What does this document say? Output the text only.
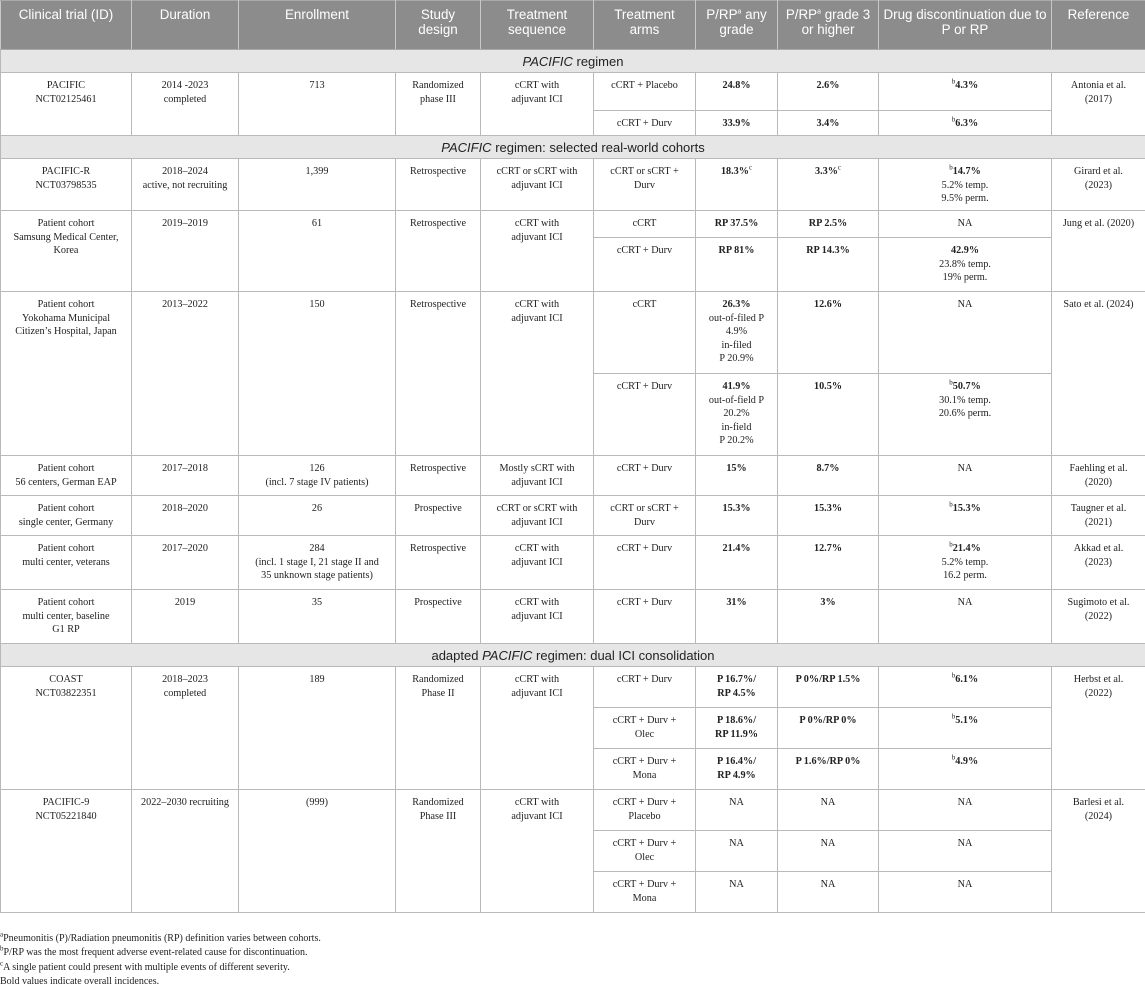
Clinical trial (ID)	Duration	Enrollment	Study design	Treatment sequence	Treatment arms	$P/RP^a$ any grade	$P/RP^a$ grade 3 or higher	Drug discontinuation due to P or RP	Reference
PACIFIC regimen									

PACIFIC
NCT02125461	2014 -2023
completed	713	Randomized
phase III	cCRT with
adjuvant ICI	cCRT + Placebo	24.8%	2.6%	$^b$4.3%	Antonia et al.
(2017)

					cCRT + Durv	33.9%	3.4%	$^b$6.3%	
PACIFIC regimen: selected real-world cohorts									

PACIFIC-R
NCT03798535	2018–2024
active, not recruiting	1,399	Retrospective	cCRT or sCRT with
adjuvant ICI	cCRT or sCRT +
Durv	18.3%$^c$	3.3%$^c$	$^b$14.7%
5.2% temp.
9.5% perm.	Girard et al.
(2023)

Patient cohort
Samsung Medical Center,
Korea	2019–2019	61	Retrospective	cCRT with
adjuvant ICI	cCRT	RP 37.5%	RP 2.5%	NA	Jung et al. (2020)
					cCRT + Durv	RP 81%	RP 14.3%	42.9%
23.8% temp.
19% perm.	

Patient cohort
Yokohama Municipal
Citizen’s Hospital, Japan	2013–2022	150	Retrospective	cCRT with
adjuvant ICI	cCRT	26.3%
out-of-filed P
4.9%
in-filed
P 20.9%	12.6%	NA	Sato et al. (2024)
					cCRT + Durv	41.9%
out-of-field P
20.2%
in-field
P 20.2%	10.5%	$^b$50.7%
30.1% temp.
20.6% perm.	

Patient cohort
56 centers, German EAP	2017–2018	126
(incl. 7 stage IV patients)	Retrospective	Mostly sCRT with
adjuvant ICI	cCRT + Durv	15%	8.7%	NA	Faehling et al.
(2020)

Patient cohort
single center, Germany	2018–2020	26	Prospective	cCRT or sCRT with
adjuvant ICI	cCRT or sCRT +
Durv	15.3%	15.3%	$^b$15.3%	Taugner et al.
(2021)

Patient cohort
multi center, veterans	2017–2020	284
(incl. 1 stage I, 21 stage II and
35 unknown stage patients)	Retrospective	cCRT with
adjuvant ICI	cCRT + Durv	21.4%	12.7%	$^b$21.4%
5.2% temp.
16.2 perm.	Akkad et al.
(2023)

Patient cohort
multi center, baseline
G1 RP	2019	35	Prospective	cCRT with
adjuvant ICI	cCRT + Durv	31%	3%	NA	Sugimoto et al.
(2022)

adapted PACIFIC regimen: dual ICI consolidation									

COAST
NCT03822351	2018–2023
completed	189	Randomized
Phase II	cCRT with
adjuvant ICI	cCRT + Durv	P 16.7%/
RP 4.5%	P 0%/RP 1.5%	$^b$6.1%	Herbst et al.
(2022)

					cCRT + Durv +
Olec	P 18.6%/
RP 11.9%	P 0%/RP 0%	$^b$5.1%	

					cCRT + Durv +
Mona	P 16.4%/
RP 4.9%	P 1.6%/RP 0%	$^b$4.9%	

PACIFIC-9
NCT05221840	2022–2030 recruiting	(999)	Randomized
Phase III	cCRT with
adjuvant ICI	cCRT + Durv +
Placebo	NA	NA	NA	Barlesi et al.
(2024)

					cCRT + Durv +
Olec	NA	NA	NA	

					cCRT + Durv +
Mona	NA	NA	NA	
$^a$Pneumonitis (P)/Radiation pneumonitis (RP) definition varies between cohorts.
$^b$P/RP was the most frequent adverse event-related cause for discontinuation.
$^c$A single patient could present with multiple events of different severity.
Bold values indicate overall incidences.
